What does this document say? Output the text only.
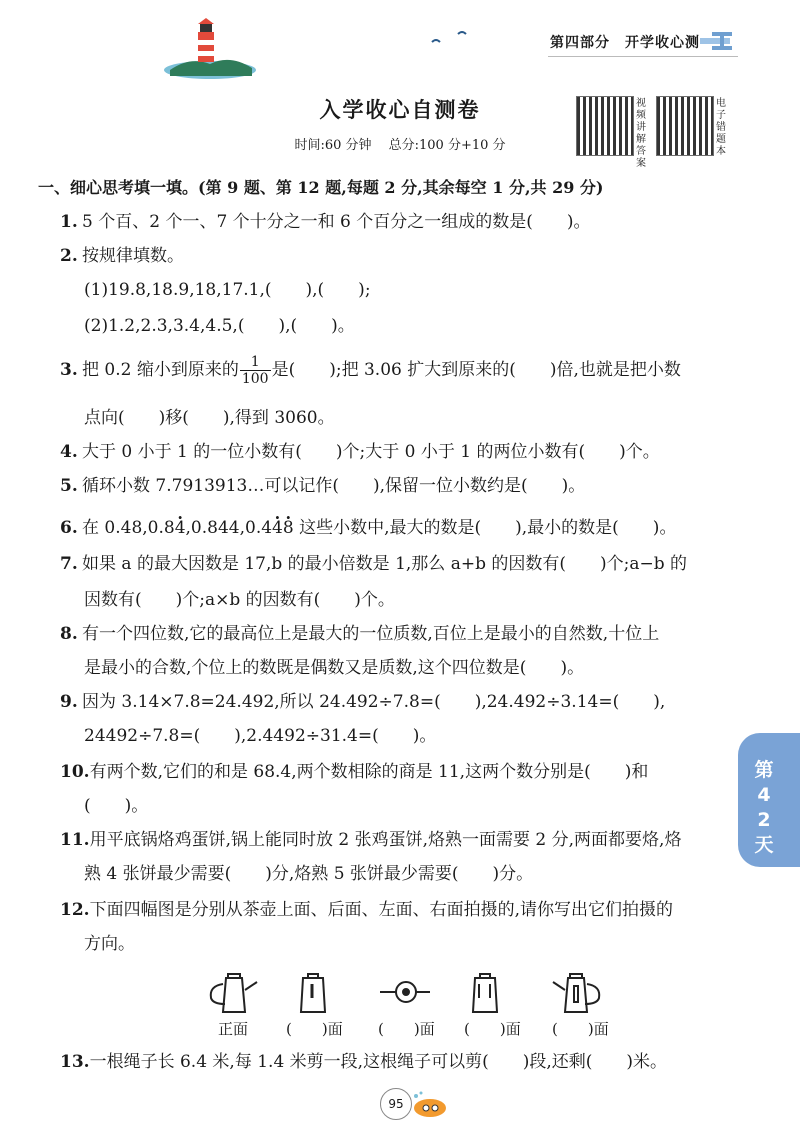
第四部分　开学收心测
入学收心自测卷
时间:60 分钟　 总分:100 分+10 分
视频讲解答案
电子错题本
第42天
一、细心思考填一填。(第 9 题、第 12 题,每题 2 分,其余每空 1 分,共 29 分)
1. 5 个百、2 个一、7 个十分之一和 6 个百分之一组成的数是(　　)。
2. 按规律填数。
(1)19.8,18.9,18,17.1,(　　),(　　);
(2)1.2,2.3,3.4,4.5,(　　),(　　)。
3. 把 0.2 缩小到原来的 $\frac{1}{100}$ 是(　　);把 3.06 扩大到原来的(　　)倍,也就是把小数
点向(　　)移(　　),得到 3060。
4. 大于 0 小于 1 的一位小数有(　　)个;大于 0 小于 1 的两位小数有(　　)个。
5. 循环小数 7.7913913…可以记作(　　),保留一位小数约是(　　)。
6. 在 0.48,0.8· 4,0.844,0.4· 4· 8 这些小数中,最大的数是(　　),最小的数是(　　)。
7. 如果 a 的最大因数是 17,b 的最小倍数是 1,那么 a+b 的因数有(　　)个;a−b 的
因数有(　　)个;a×b 的因数有(　　)个。
8. 有一个四位数,它的最高位上是最大的一位质数,百位上是最小的自然数,十位上
是最小的合数,个位上的数既是偶数又是质数,这个四位数是(　　)。
9. 因为 3.14×7.8=24.492,所以 24.492÷7.8=(　　),24.492÷3.14=(　　),
24492÷7.8=(　　),2.4492÷31.4=(　　)。
10.有两个数,它们的和是 68.4,两个数相除的商是 11,这两个数分别是(　　)和
(　　)。
11.用平底锅烙鸡蛋饼,锅上能同时放 2 张鸡蛋饼,烙熟一面需要 2 分,两面都要烙,烙
熟 4 张饼最少需要(　　)分,烙熟 5 张饼最少需要(　　)分。
12.下面四幅图是分别从茶壶上面、后面、左面、右面拍摄的,请你写出它们拍摄的
方向。
正面	(　　)面 (　　)面 (　　)面 (　　)面
13.一根绳子长 6.4 米,每 1.4 米剪一段,这根绳子可以剪(　　)段,还剩(　　)米。
95
